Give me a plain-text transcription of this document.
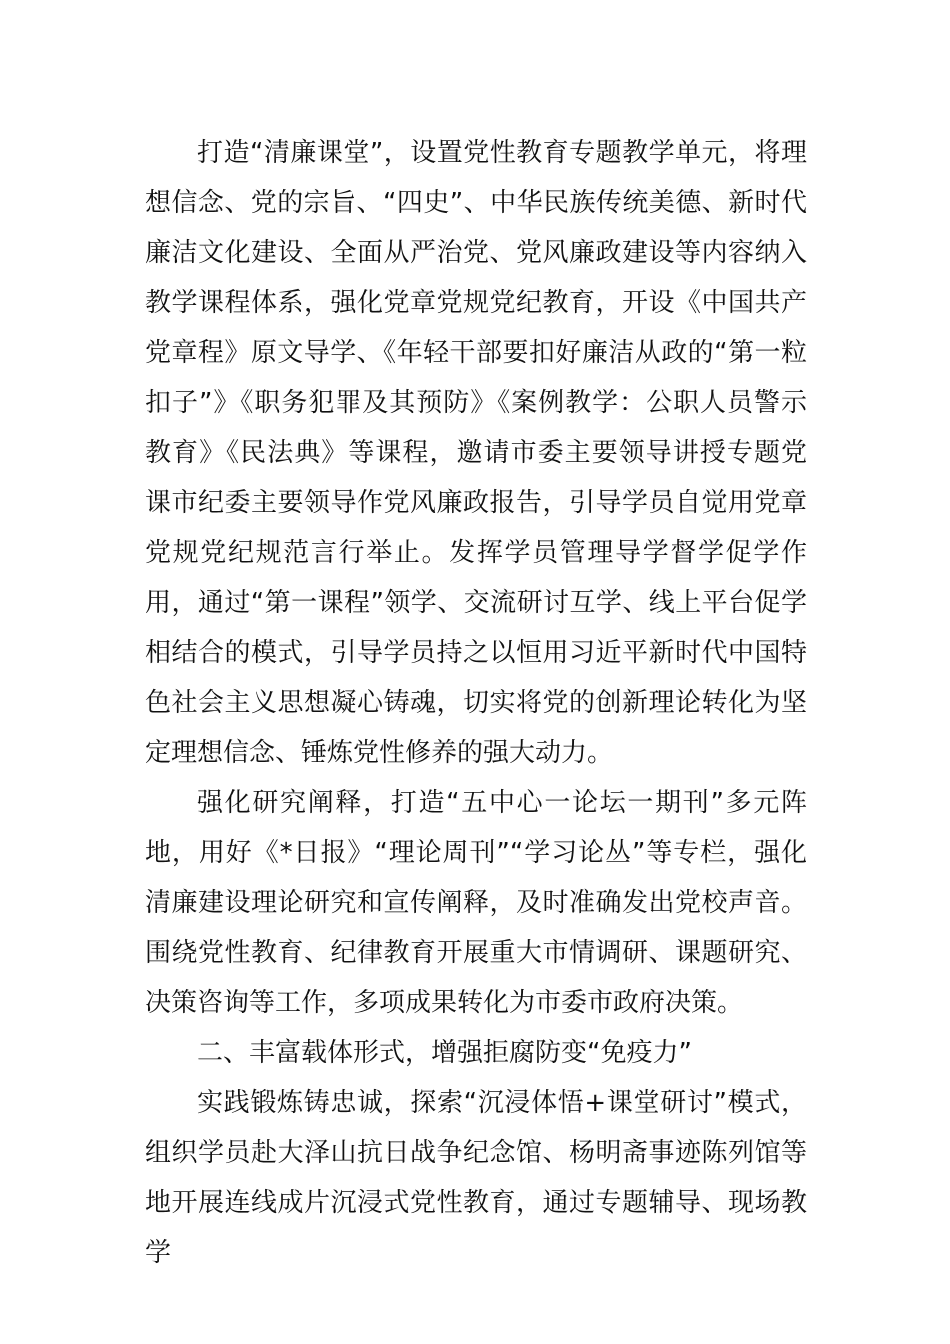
打造“清廉课堂”，设置党性教育专题教学单元，将理想信念、党的宗旨、“四史”、中华民族传统美德、新时代廉洁文化建设、全面从严治党、党风廉政建设等内容纳入教学课程体系，强化党章党规党纪教育，开设《中国共产党章程》原文导学、《年轻干部要扣好廉洁从政的“第一粒扣子”》《职务犯罪及其预防》《案例教学：公职人员警示教育》《民法典》等课程，邀请市委主要领导讲授专题党课市纪委主要领导作党风廉政报告，引导学员自觉用党章党规党纪规范言行举止。发挥学员管理导学督学促学作用，通过“第一课程”领学、交流研讨互学、线上平台促学相结合的模式，引导学员持之以恒用习近平新时代中国特色社会主义思想凝心铸魂，切实将党的创新理论转化为坚定理想信念、锤炼党性修养的强大动力。

强化研究阐释，打造“五中心一论坛一期刊”多元阵地，用好《*日报》“理论周刊”“学习论丛”等专栏，强化清廉建设理论研究和宣传阐释，及时准确发出党校声音。围绕党性教育、纪律教育开展重大市情调研、课题研究、决策咨询等工作，多项成果转化为市委市政府决策。

二、丰富载体形式，增强拒腐防变“免疫力”

实践锻炼铸忠诚，探索“沉浸体悟+课堂研讨”模式，组织学员赴大泽山抗日战争纪念馆、杨明斋事迹陈列馆等地开展连线成片沉浸式党性教育，通过专题辅导、现场教学
